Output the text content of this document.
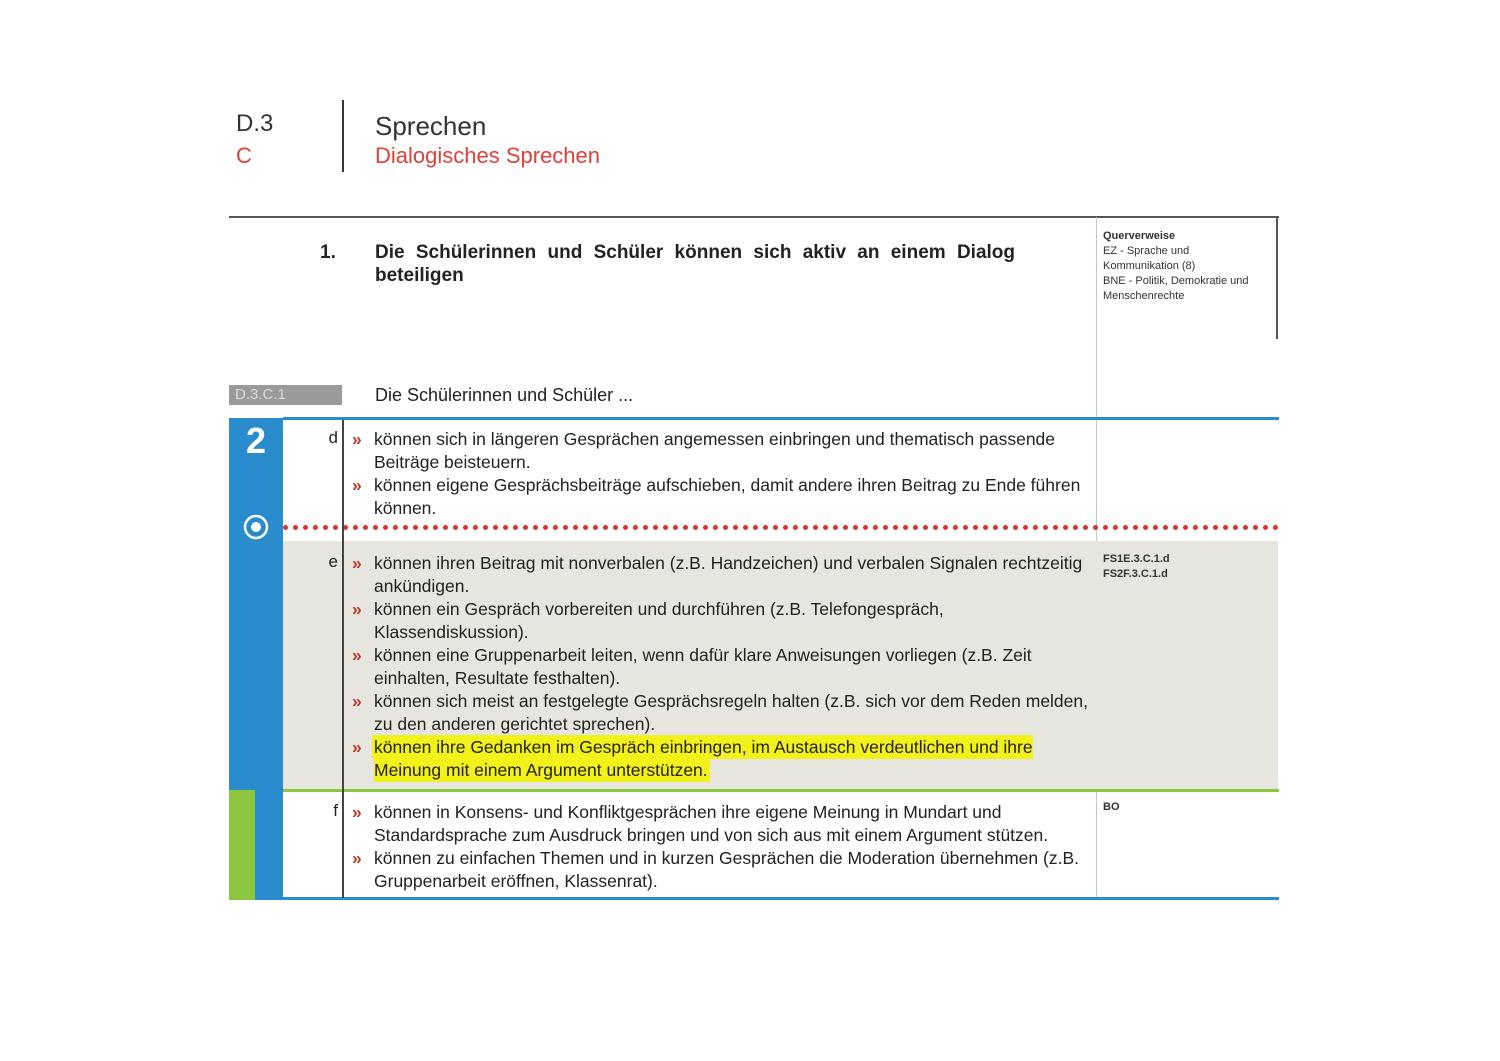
D.3
C
Sprechen
Dialogisches Sprechen
1. Die Schülerinnen und Schüler können sich aktiv an einem Dialog
beteiligen
Querverweise
EZ - Sprache und
Kommunikation (8)
BNE - Politik, Demokratie und
Menschenrechte
D.3.C.1	Die Schülerinnen und Schüler ...
2	d » können sich in längeren Gesprächen angemessen einbringen und thematisch passende Beiträge beisteuern.

» können eigene Gesprächsbeiträge aufschieben, damit andere ihren Beitrag zu Ende führen können.

e » können ihren Beitrag mit nonverbalen (z.B. Handzeichen) und verbalen Signalen rechtzeitig ankündigen.

» können ein Gespräch vorbereiten und durchführen (z.B. Telefongespräch, Klassendiskussion).

» können eine Gruppenarbeit leiten, wenn dafür klare Anweisungen vorliegen (z.B. Zeit einhalten, Resultate festhalten).

» können sich meist an festgelegte Gesprächsregeln halten (z.B. sich vor dem Reden melden, zu den anderen gerichtet sprechen).

» können ihre Gedanken im Gespräch einbringen, im Austausch verdeutlichen und ihre Meinung mit einem Argument unterstützen.

FS1E.3.C.1.d
FS2F.3.C.1.d
f » können in Konsens- und Konfliktgesprächen ihre eigene Meinung in Mundart und Standardsprache zum Ausdruck bringen und von sich aus mit einem Argument stützen.

» können zu einfachen Themen und in kurzen Gesprächen die Moderation übernehmen (z.B. Gruppenarbeit eröffnen, Klassenrat).

BO
